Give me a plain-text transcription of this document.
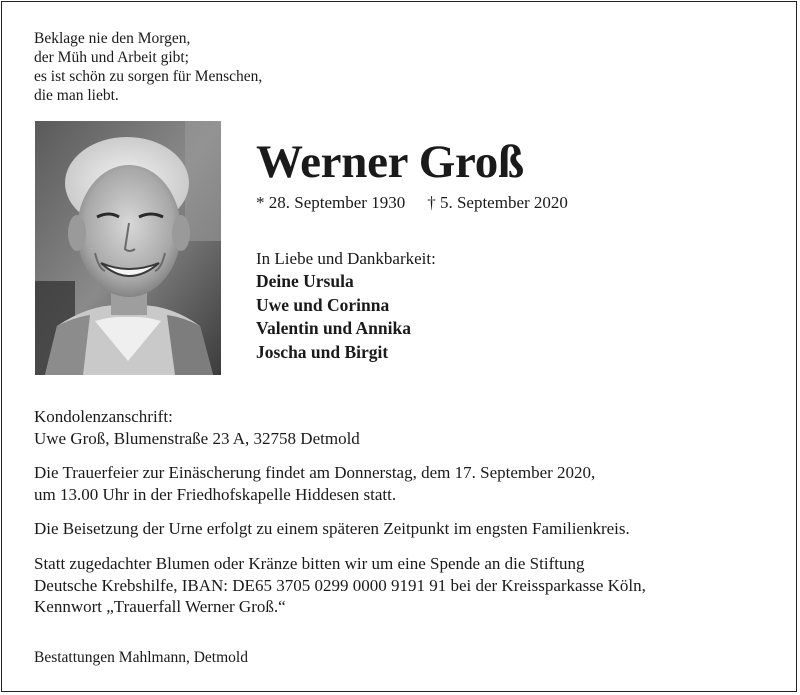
Beklage nie den Morgen,
der Müh und Arbeit gibt;
es ist schön zu sorgen für Menschen,
die man liebt.
Werner Groß
* 28. September 1930 † 5. September 2020
In Liebe und Dankbarkeit:
Deine Ursula
Uwe und Corinna
Valentin und Annika
Joscha und Birgit
Kondolenzanschrift:
Uwe Groß, Blumenstraße 23 A, 32758 Detmold
Die Trauerfeier zur Einäscherung findet am Donnerstag, dem 17. September 2020,
um 13.00 Uhr in der Friedhofskapelle Hiddesen statt.
Die Beisetzung der Urne erfolgt zu einem späteren Zeitpunkt im engsten Familienkreis.
Statt zugedachter Blumen oder Kränze bitten wir um eine Spende an die Stiftung
Deutsche Krebshilfe, IBAN: DE65 3705 0299 0000 9191 91 bei der Kreissparkasse Köln,
Kennwort „Trauerfall Werner Groß.“
Bestattungen Mahlmann, Detmold
